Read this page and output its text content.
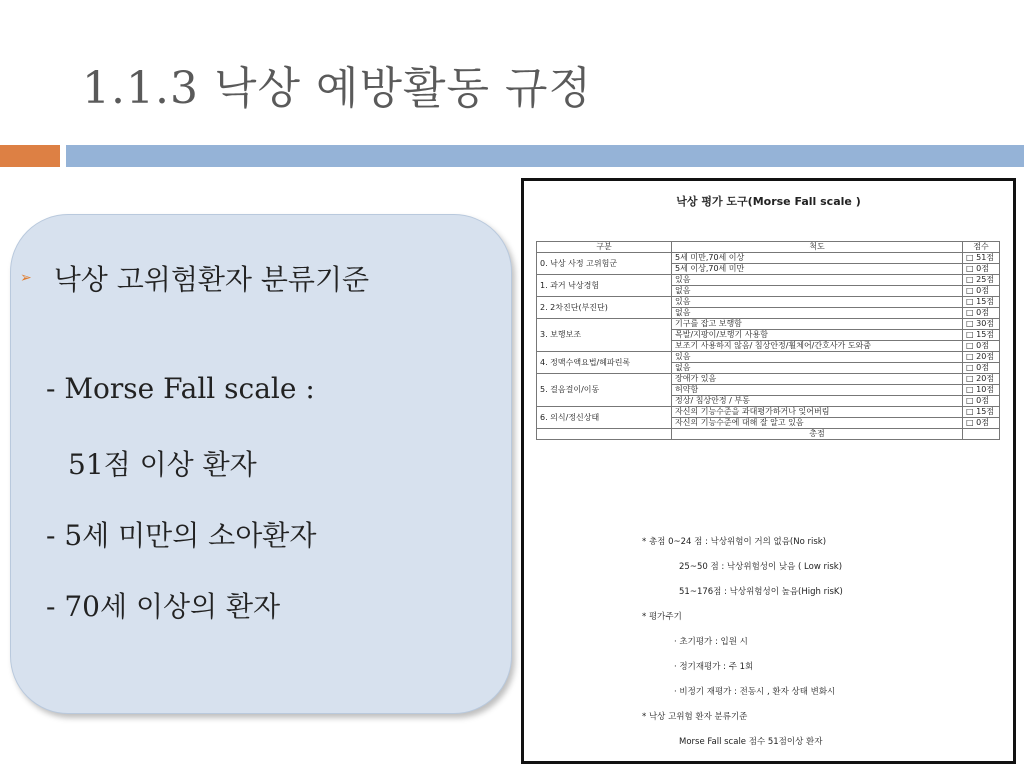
1.1.3 낙상 예방활동 규정
➢ 낙상 고위험환자 분류기준
- Morse Fall scale :
51점 이상 환자
- 5세 미만의 소아환자
- 70세 이상의 환자
낙상 평가 도구(Morse Fall scale )
구분	척도	점수
0. 낙상 사정 고위험군	5세 미만,70세 이상	□ 51점
	5세 이상,70세 미만	□ 0점
1. 과거 낙상경험	있음	□ 25점
	없음	□ 0점
2. 2차진단(부진단)	있음	□ 15점
	없음	□ 0점
3. 보행보조	기구를 잡고 보행함	□ 30점
	목발/지팡이/보행기 사용함	□ 15점
	보조기 사용하지 않음/ 침상안정/휠체어/간호사가 도와줌	□ 0점
4. 정맥수액요법/헤파린록	있음	□ 20점
	없음	□ 0점
5. 걸음걸이/이동	장애가 있음	□ 20점
	허약함	□ 10점
	정상/ 침상안정 / 부동	□ 0점
6. 의식/정신상태	자신의 기능수준을 과대평가하거나 잊어버림	□ 15점
	자신의 기능수준에 대해 잘 알고 있음	□ 0점
	총점	
* 총점 0~24 점 : 낙상위험이 거의 없음(No risk)
25~50 점 : 낙상위험성이 낮음 ( Low risk)
51~176점 : 낙상위험성이 높음(High risK)
* 평가주기
· 초기평가 : 입원 시
· 정기재평가 : 주 1회
· 비정기 재평가 : 전동시 , 환자 상태 변화시
* 낙상 고위험 환자 분류기준
Morse Fall scale 점수 51점이상 환자
